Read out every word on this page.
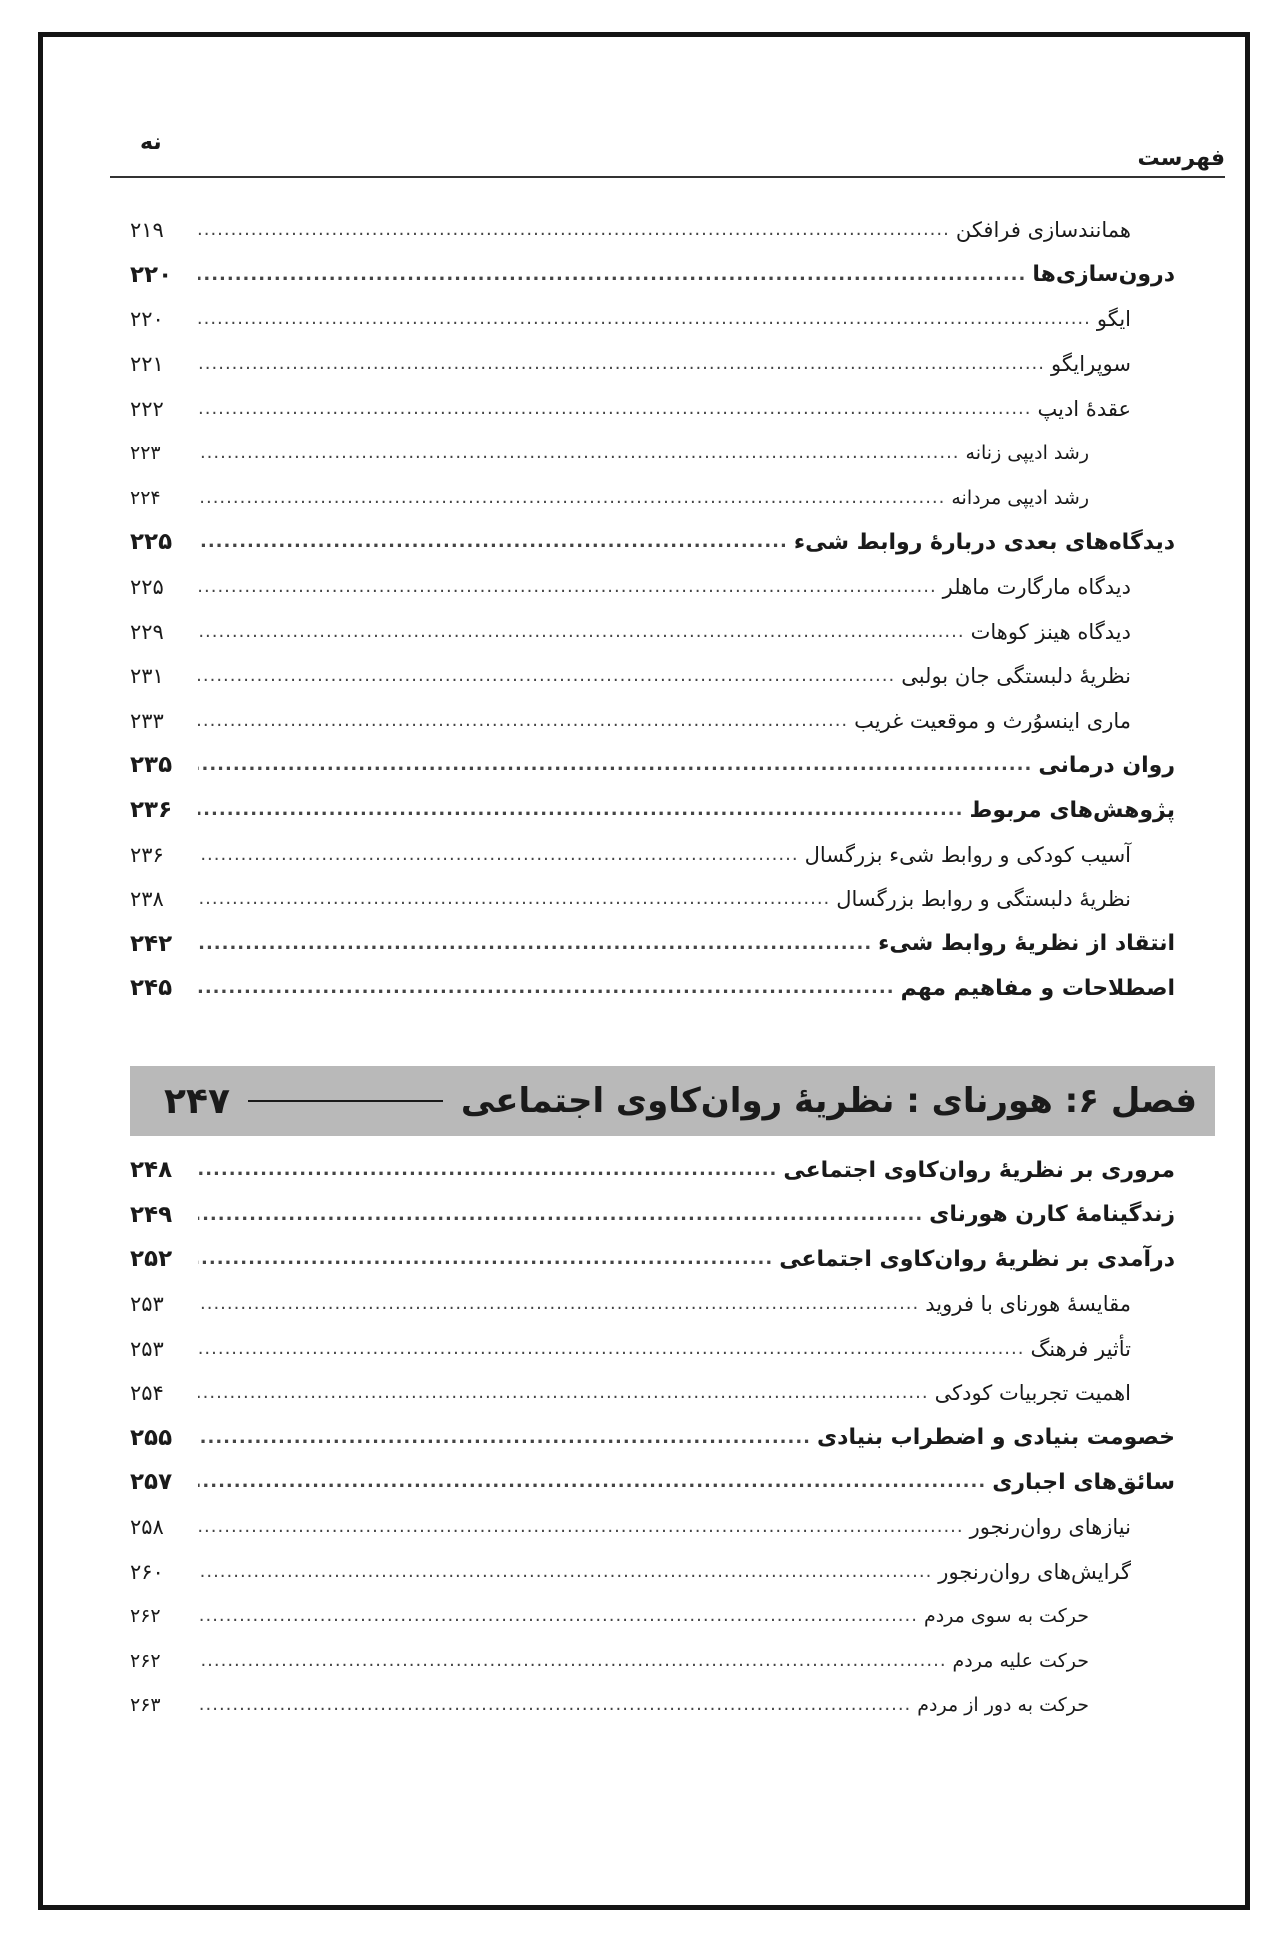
فهرست
نه
همانندسازی فرافکن
.....
۲۱۹
درون‌سازی‌ها
.....
۲۲۰
ایگو
.....
۲۲۰
سوپرایگو
.....
۲۲۱
عقدهٔ ادیپ
.....
۲۲۲
رشد ادیپی زنانه
.....
۲۲۳
رشد ادیپی مردانه
.....
۲۲۴
دیدگاه‌های بعدی دربارهٔ روابط شیء
.....
۲۲۵
دیدگاه مارگارت ماهلر
.....
۲۲۵
دیدگاه هینز کوهات
.....
۲۲۹
نظریهٔ دلبستگی جان بولبی
.....
۲۳۱
ماری اینسوُرث و موقعیت غریب
.....
۲۳۳
روان درمانی
.....
۲۳۵
پژوهش‌های مربوط
.....
۲۳۶
آسیب کودکی و روابط شیء بزرگسال
.....
۲۳۶
نظریهٔ دلبستگی و روابط بزرگسال
.....
۲۳۸
انتقاد از نظریهٔ روابط شیء
.....
۲۴۲
اصطلاحات و مفاهیم مهم
.....
۲۴۵
فصل ۶: هورنای : نظریهٔ روان‌کاوی اجتماعی
۲۴۷
مروری بر نظریهٔ روان‌کاوی اجتماعی
.....
۲۴۸
زندگینامهٔ کارن هورنای
.....
۲۴۹
درآمدی بر نظریهٔ روان‌کاوی اجتماعی
.....
۲۵۲
مقایسهٔ هورنای با فروید
.....
۲۵۳
تأثیر فرهنگ
.....
۲۵۳
اهمیت تجربیات کودکی
.....
۲۵۴
خصومت بنیادی و اضطراب بنیادی
.....
۲۵۵
سائق‌های اجباری
.....
۲۵۷
نیازهای روان‌رنجور
.....
۲۵۸
گرایش‌های روان‌رنجور
.....
۲۶۰
حرکت به سوی مردم
.....
۲۶۲
حرکت علیه مردم
.....
۲۶۲
حرکت به دور از مردم
.....
۲۶۳
